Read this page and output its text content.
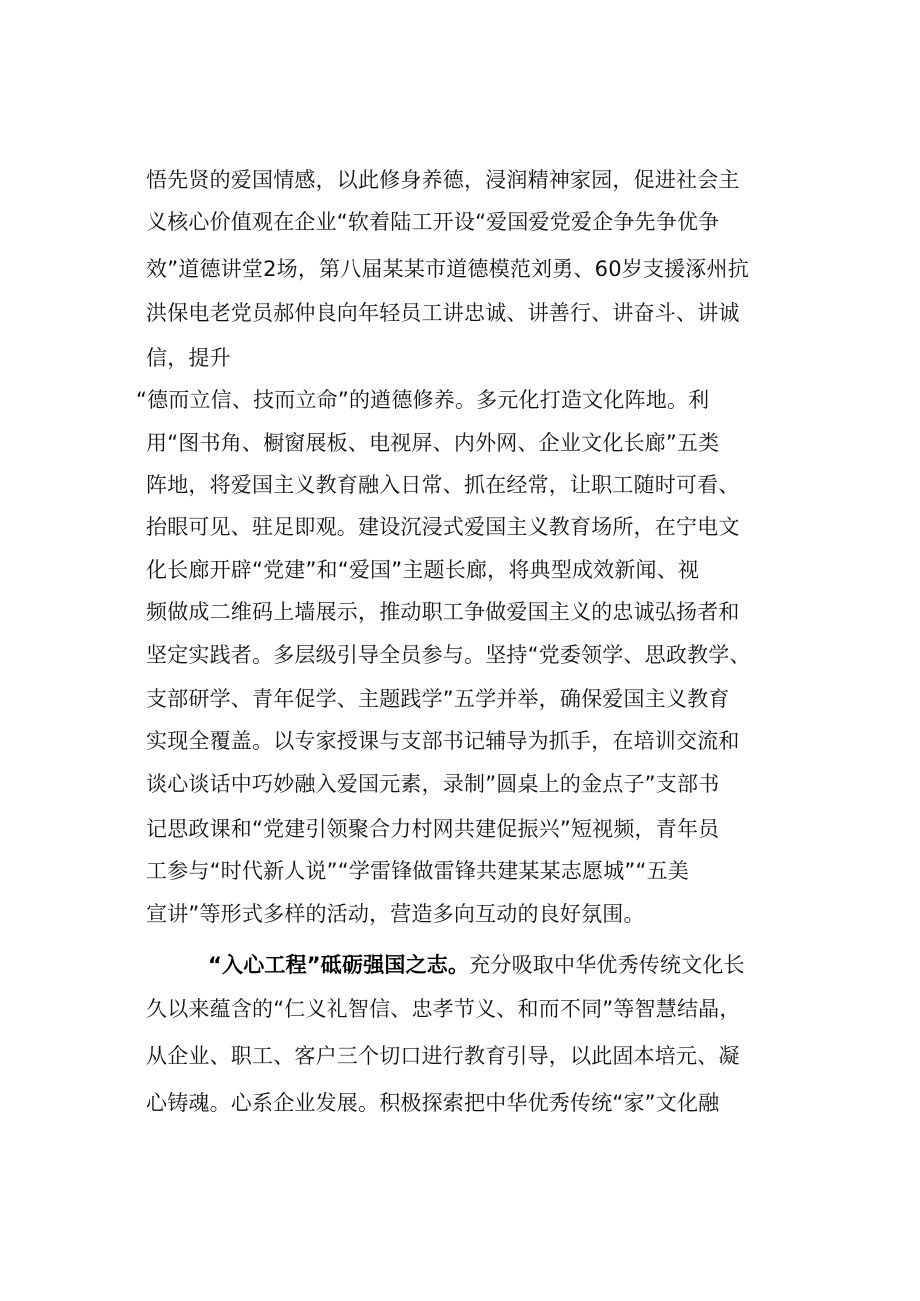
悟先贤的爱国情感，以此修身养德，浸润精神家园，促进社会主
义核心价值观在企业“软着陆工开设“爱国爱党爱企争先争优争
效”道德讲堂2场，第八届某某市道德模范刘勇、60岁支援涿州抗
洪保电老党员郝仲良向年轻员工讲忠诚、讲善行、讲奋斗、讲诚
信，提升
“德而立信、技而立命”的遒德修养。多元化打造文化阵地。利
用“图书角、橱窗展板、电视屏、内外网、企业文化长廊”五类
阵地，将爱国主义教育融入日常、抓在经常，让职工随时可看、
抬眼可见、驻足即观。建设沉浸式爱国主义教育场所，在宁电文
化长廊开辟“党建”和“爱国”主题长廊，将典型成效新闻、视
频做成二维码上墙展示，推动职工争做爱国主义的忠诚弘扬者和
坚定实践者。多层级引导全员参与。坚持“党委领学、思政教学、
支部研学、青年促学、主题践学”五学并举，确保爱国主义教育
实现全覆盖。以专家授课与支部书记辅导为抓手，在培训交流和
谈心谈话中巧妙融入爱国元素，录制”圆桌上的金点子”支部书
记思政课和“党建引领聚合力村网共建促振兴”短视频，青年员
工参与“时代新人说”“学雷锋做雷锋共建某某志愿城”“五美
宣讲”等形式多样的活动，营造多向互动的良好氛围。
“入心工程”砥砺强国之志。充分吸取中华优秀传统文化长
久以来蕴含的“仁义礼智信、忠孝节义、和而不同”等智慧结晶，
从企业、职工、客户三个切口进行教育引导，以此固本培元、凝
心铸魂。心系企业发展。积极探索把中华优秀传统“家”文化融
